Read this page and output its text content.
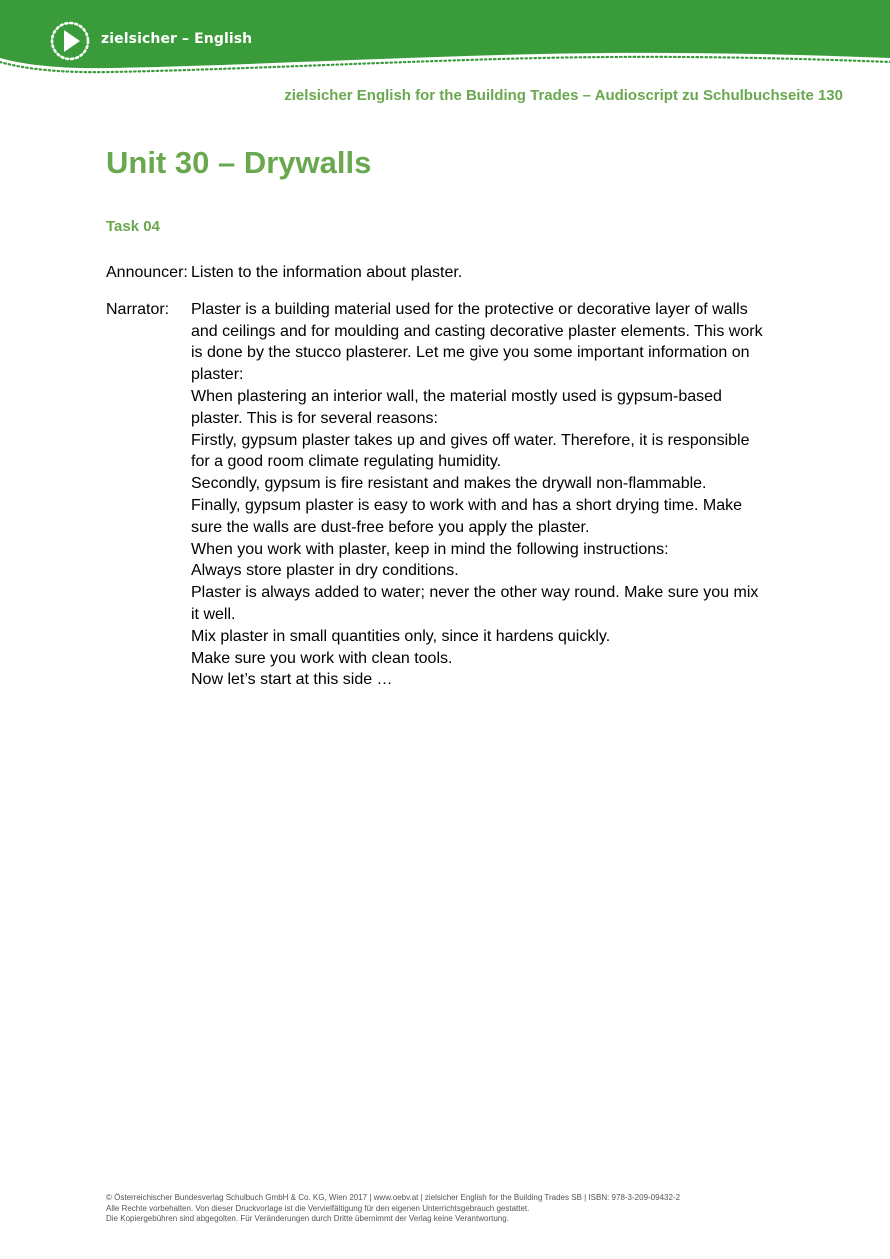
zielsicher – English
zielsicher English for the Building Trades – Audioscript zu Schulbuchseite 130
Unit 30 – Drywalls
Task 04
Announcer: Listen to the information about plaster.
Narrator:	Plaster is a building material used for the protective or decorative layer of walls
and ceilings and for moulding and casting decorative plaster elements. This work
is done by the stucco plasterer. Let me give you some important information on
plaster:
When plastering an interior wall, the material mostly used is gypsum-based
plaster. This is for several reasons:
Firstly, gypsum plaster takes up and gives off water. Therefore, it is responsible
for a good room climate regulating humidity.
Secondly, gypsum is fire resistant and makes the drywall non-flammable.
Finally, gypsum plaster is easy to work with and has a short drying time. Make
sure the walls are dust-free before you apply the plaster.
When you work with plaster, keep in mind the following instructions:
Always store plaster in dry conditions.
Plaster is always added to water; never the other way round. Make sure you mix
it well.
Mix plaster in small quantities only, since it hardens quickly.
Make sure you work with clean tools.
Now let’s start at this side …
© Österreichischer Bundesverlag Schulbuch GmbH & Co. KG, Wien 2017 | www.oebv.at | zielsicher English for the Building Trades SB | ISBN: 978-3-209-09432-2
Alle Rechte vorbehalten. Von dieser Druckvorlage ist die Vervielfältigung für den eigenen Unterrichtsgebrauch gestattet.
Die Kopiergebühren sind abgegolten. Für Veränderungen durch Dritte übernimmt der Verlag keine Verantwortung.
